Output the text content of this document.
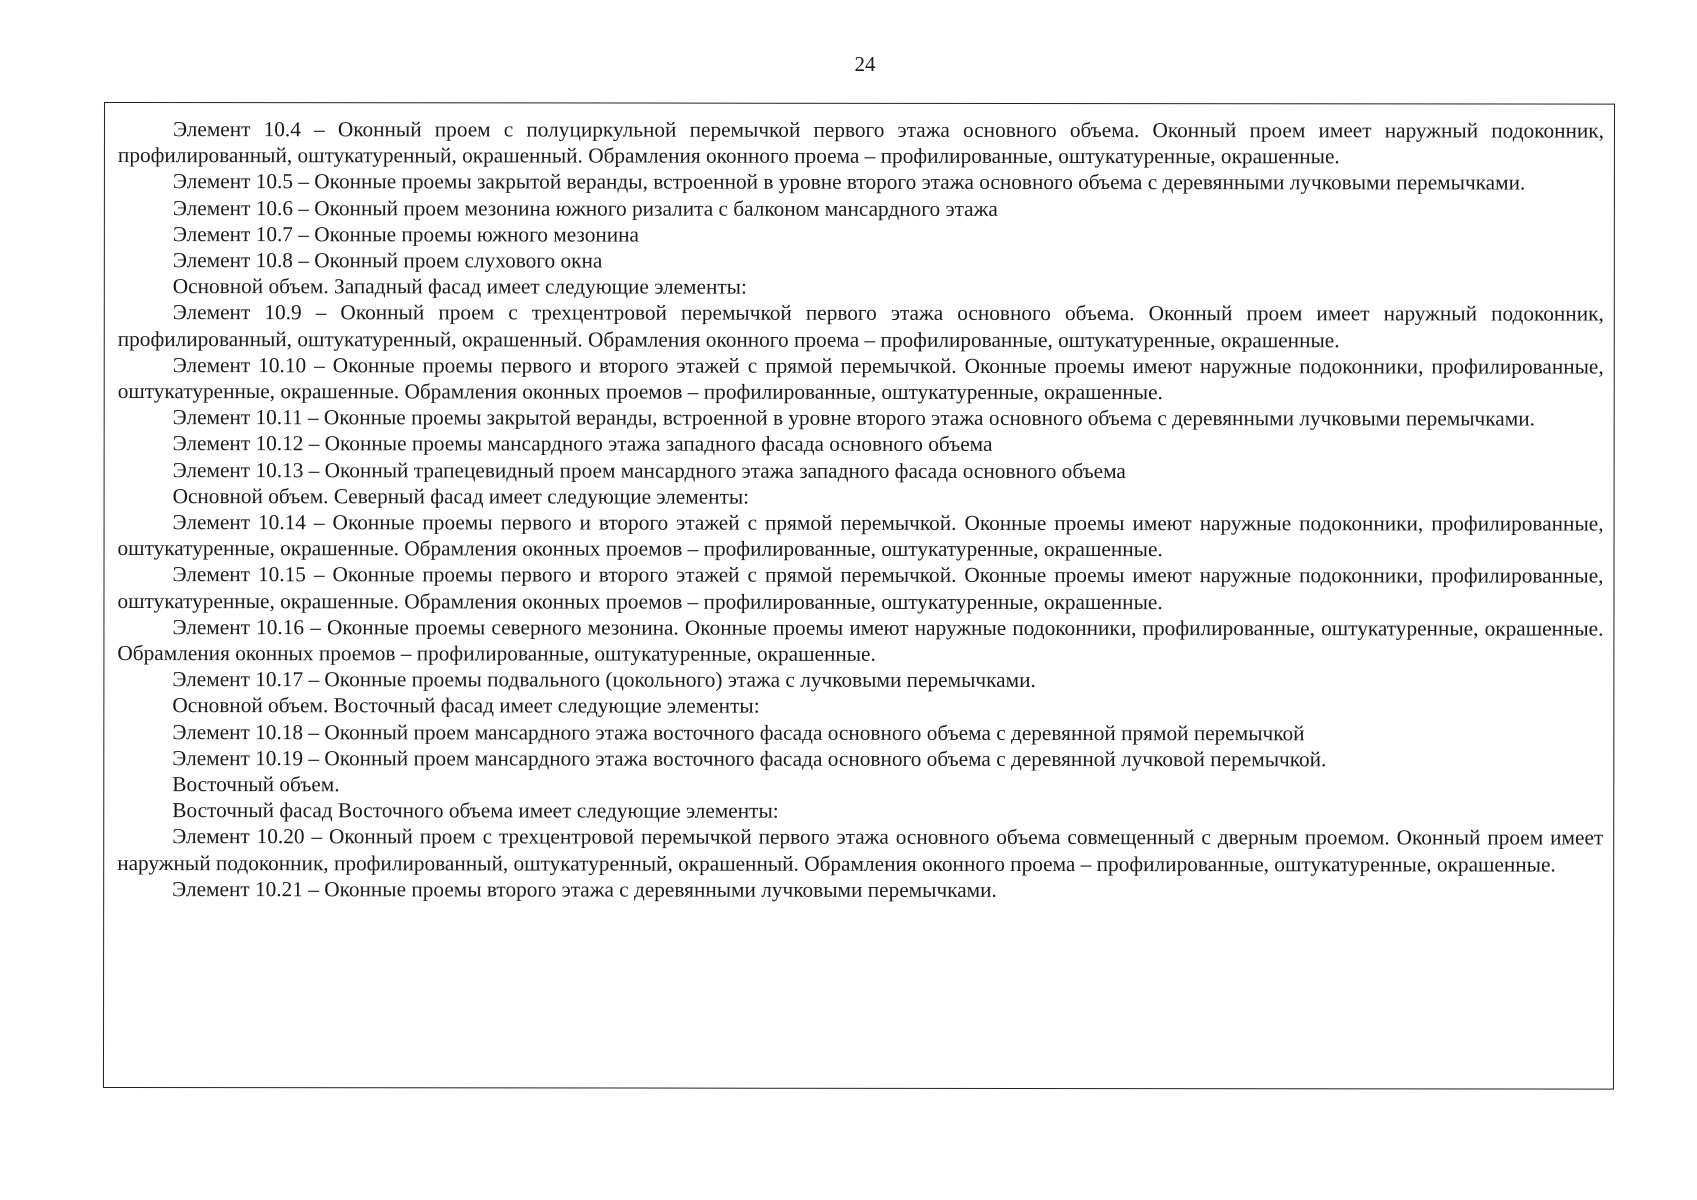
24

Элемент 10.4 – Оконный проем с полуциркульной перемычкой первого этажа основного объема. Оконный проем имеет наружный подоконник, профилированный, оштукатуренный, окрашенный. Обрамления оконного проема – профилированные, оштукатуренные, окрашенные.

Элемент 10.5 – Оконные проемы закрытой веранды, встроенной в уровне второго этажа основного объема с деревянными лучковыми перемычками.

Элемент 10.6 – Оконный проем мезонина южного ризалита с балконом мансардного этажа

Элемент 10.7 – Оконные проемы южного мезонина

Элемент 10.8 – Оконный проем слухового окна

Основной объем. Западный фасад имеет следующие элементы:

Элемент 10.9 – Оконный проем с трехцентровой перемычкой первого этажа основного объема. Оконный проем имеет наружный подоконник, профилированный, оштукатуренный, окрашенный. Обрамления оконного проема – профилированные, оштукатуренные, окрашенные.

Элемент 10.10 – Оконные проемы первого и второго этажей с прямой перемычкой. Оконные проемы имеют наружные подоконники, профилированные, оштукатуренные, окрашенные. Обрамления оконных проемов – профилированные, оштукатуренные, окрашенные.

Элемент 10.11 – Оконные проемы закрытой веранды, встроенной в уровне второго этажа основного объема с деревянными лучковыми перемычками.

Элемент 10.12 – Оконные проемы мансардного этажа западного фасада основного объема

Элемент 10.13 – Оконный трапецевидный проем мансардного этажа западного фасада основного объема

Основной объем. Северный фасад имеет следующие элементы:

Элемент 10.14 – Оконные проемы первого и второго этажей с прямой перемычкой. Оконные проемы имеют наружные подоконники, профилированные, оштукатуренные, окрашенные. Обрамления оконных проемов – профилированные, оштукатуренные, окрашенные.

Элемент 10.15 – Оконные проемы первого и второго этажей с прямой перемычкой. Оконные проемы имеют наружные подоконники, профилированные, оштукатуренные, окрашенные. Обрамления оконных проемов – профилированные, оштукатуренные, окрашенные.

Элемент 10.16 – Оконные проемы северного мезонина. Оконные проемы имеют наружные подоконники, профилированные, оштукатуренные, окрашенные. Обрамления оконных проемов – профилированные, оштукатуренные, окрашенные.

Элемент 10.17 – Оконные проемы подвального (цокольного) этажа с лучковыми перемычками.

Основной объем. Восточный фасад имеет следующие элементы:

Элемент 10.18 – Оконный проем мансардного этажа восточного фасада основного объема с деревянной прямой перемычкой

Элемент 10.19 – Оконный проем мансардного этажа восточного фасада основного объема с деревянной лучковой перемычкой.

Восточный объем.

Восточный фасад Восточного объема имеет следующие элементы:

Элемент 10.20 – Оконный проем с трехцентровой перемычкой первого этажа основного объема совмещенный с дверным проемом. Оконный проем имеет наружный подоконник, профилированный, оштукатуренный, окрашенный. Обрамления оконного проема – профилированные, оштукатуренные, окрашенные.

Элемент 10.21 – Оконные проемы второго этажа с деревянными лучковыми перемычками.
